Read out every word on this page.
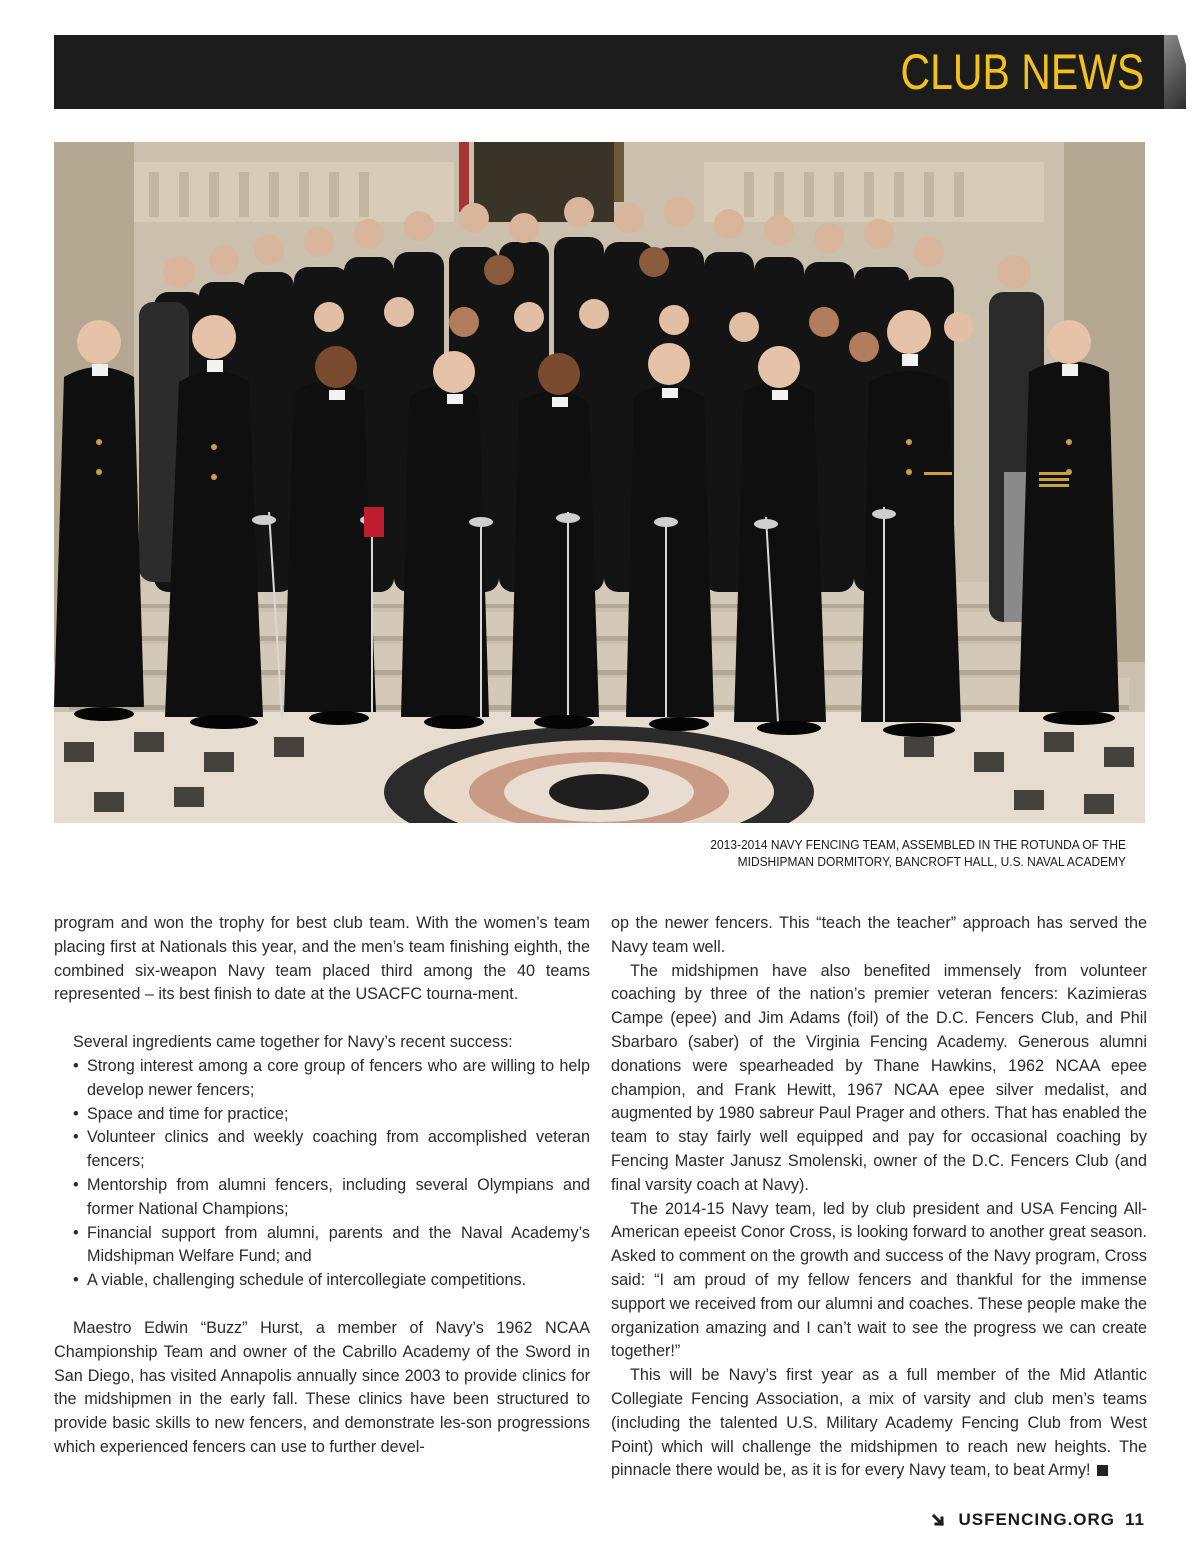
CLUB NEWS
2013-2014 NAVY FENCING TEAM, ASSEMBLED IN THE ROTUNDA OF THE
MIDSHIPMAN DORMITORY, BANCROFT HALL, U.S. NAVAL ACADEMY

program and won the trophy for best club team. With the women’s team placing first at Nationals this year, and the men’s team finishing eighth, the combined six-weapon Navy team placed third among the 40 teams represented – its best finish to date at the USACFC tourna-ment.

Several ingredients came together for Navy’s recent success:

• Strong interest among a core group of fencers who are willing to help develop newer fencers;
• Space and time for practice;
• Volunteer clinics and weekly coaching from accomplished veteran fencers;
• Mentorship from alumni fencers, including several Olympians and former National Champions;
• Financial support from alumni, parents and the Naval Academy’s Midshipman Welfare Fund; and
• A viable, challenging schedule of intercollegiate competitions.

Maestro Edwin “Buzz” Hurst, a member of Navy’s 1962 NCAA Championship Team and owner of the Cabrillo Academy of the Sword in San Diego, has visited Annapolis annually since 2003 to provide clinics for the midshipmen in the early fall. These clinics have been structured to provide basic skills to new fencers, and demonstrate les-son progressions which experienced fencers can use to further devel-

op the newer fencers. This “teach the teacher” approach has served the Navy team well.

The midshipmen have also benefited immensely from volunteer coaching by three of the nation’s premier veteran fencers: Kazimieras Campe (epee) and Jim Adams (foil) of the D.C. Fencers Club, and Phil Sbarbaro (saber) of the Virginia Fencing Academy. Generous alumni donations were spearheaded by Thane Hawkins, 1962 NCAA epee champion, and Frank Hewitt, 1967 NCAA epee silver medalist, and augmented by 1980 sabreur Paul Prager and others. That has enabled the team to stay fairly well equipped and pay for occasional coaching by Fencing Master Janusz Smolenski, owner of the D.C. Fencers Club (and final varsity coach at Navy).

The 2014-15 Navy team, led by club president and USA Fencing All-American epeeist Conor Cross, is looking forward to another great season. Asked to comment on the growth and success of the Navy program, Cross said: “I am proud of my fellow fencers and thankful for the immense support we received from our alumni and coaches. These people make the organization amazing and I can’t wait to see the progress we can create together!”

This will be Navy’s first year as a full member of the Mid Atlantic Collegiate Fencing Association, a mix of varsity and club men’s teams (including the talented U.S. Military Academy Fencing Club from West Point) which will challenge the midshipmen to reach new heights. The pinnacle there would be, as it is for every Navy team, to beat Army!

USFENCING.ORG 11
